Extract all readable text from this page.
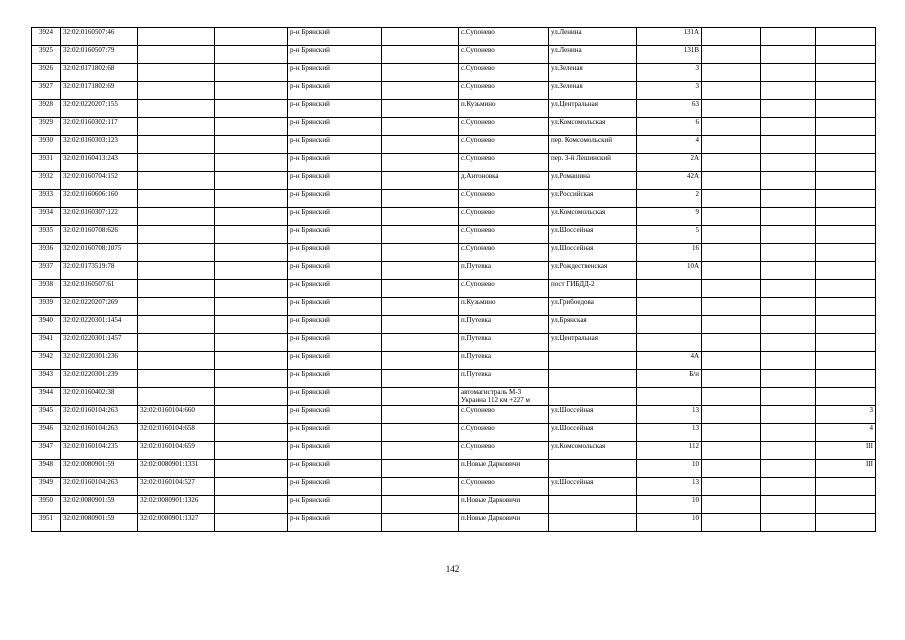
3924	32:02:0160507:46			р-н Брянский		с.Супонево	ул.Ленина	131А			
3925	32:02:0160507:79			р-н Брянский		с.Супонево	ул.Ленина	131В			
3926	32:02:0171802:68			р-н Брянский		с.Супонево	ул.Зеленая	3			
3927	32:02:0171802:69			р-н Брянский		с.Супонево	ул.Зеленая	3			
3928	32:02:0220207:155			р-н Брянский		п.Кузьмино	ул.Центральная	63			
3929	32:02:0160302:117			р-н Брянский		с.Супонево	ул.Комсомольская	6			
3930	32:02:0160303:123			р-н Брянский		с.Супонево	пер. Комсомольский	4			
3931	32:02:0160413:243			р-н Брянский		с.Супонево	пер. 3-й Лешинский	2А			
3932	32:02:0160704:152			р-н Брянский		д.Антоновка	ул.Ромашина	42А			
3933	32:02:0160606:160			р-н Брянский		с.Супонево	ул.Российская	2			
3934	32:02:0160307:122			р-н Брянский		с.Супонево	ул.Комсомольская	9			
3935	32:02:0160708:626			р-н Брянский		с.Супонево	ул.Шоссейная	5			
3936	32:02:0160708:1075			р-н Брянский		с.Супонево	ул.Шоссейная	16			
3937	32:02:0173519:78			р-н Брянский		п.Путевка	ул.Рождественская	10А			
3938	32:02:0160507:61			р-н Брянский		с.Супонево	пост ГИБДД-2				
3939	32:02:0220207:269			р-н Брянский		п.Кузьмино	ул.Грибоедова				
3940	32:02:0220301:1454			р-н Брянский		п.Путевка	ул.Брянская				
3941	32:02:0220301:1457			р-н Брянский		п.Путевка	ул.Центральная				
3942	32:02:0220301:236			р-н Брянский		п.Путевка		4А			
3943	32:02:0220301:239			р-н Брянский		п.Путевка		Б/н			
3944	32:02:0160402:38			р-н Брянский		автомагистраль М-3 Украина 112 км +227 м					
3945	32:02:0160104:263	32:02:0160104:660		р-н Брянский		с.Супонево	ул.Шоссейная	13			3
3946	32:02:0160104:263	32:02:0160104:658		р-н Брянский		с.Супонево	ул.Шоссейная	13			4
3947	32:02:0160104:235	32:02:0160104:659		р-н Брянский		с.Супонево	ул.Комсомольская	112			III
3948	32:02:0080901:59	32:02:0080901:1331		р-н Брянский		п.Новые Дарковичи		10			III
3949	32:02:0160104:263	32:02:0160104:527		р-н Брянский		с.Супонево	ул.Шоссейная	13			
3950	32:02:0080901:59	32:02:0080901:1326		р-н Брянский		п.Новые Дарковичи		10			
3951	32:02:0080901:59	32:02:0080901:1327		р-н Брянский		п.Новые Дарковичи		10			
142
